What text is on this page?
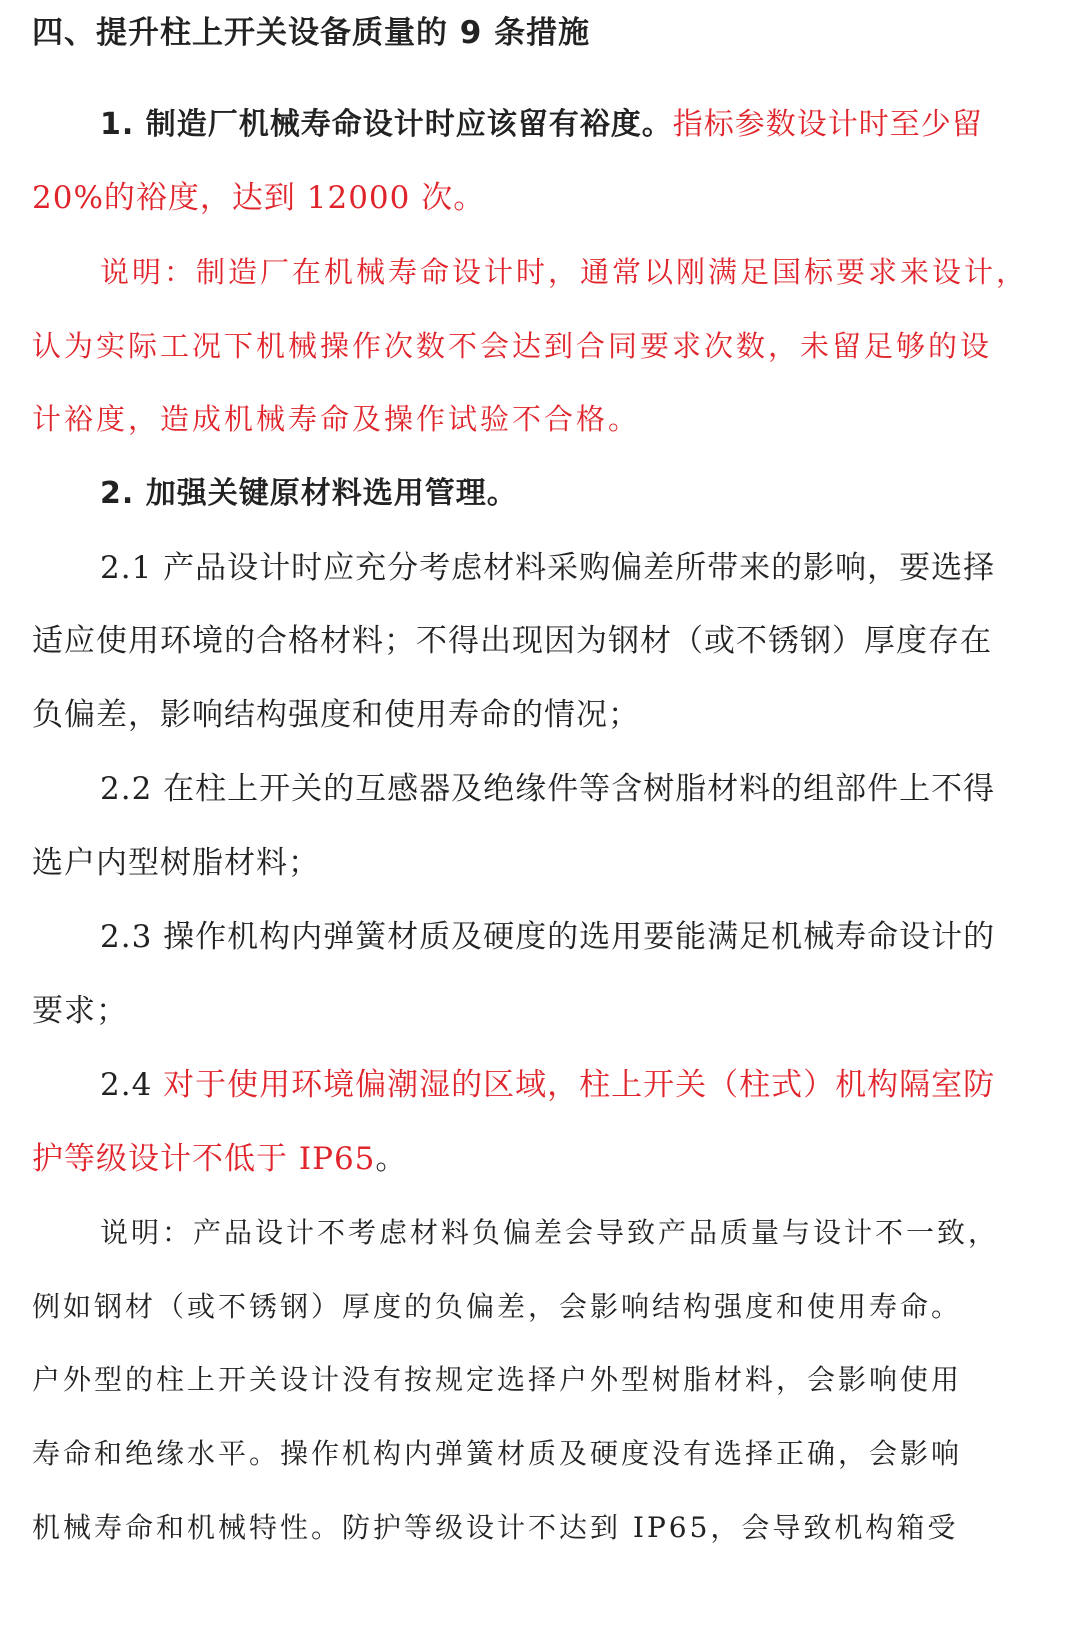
四、提升柱上开关设备质量的 9 条措施
1. 制造厂机械寿命设计时应该留有裕度。指标参数设计时至少留
20%的裕度，达到 12000 次。
说明：制造厂在机械寿命设计时，通常以刚满足国标要求来设计，
认为实际工况下机械操作次数不会达到合同要求次数，未留足够的设
计裕度，造成机械寿命及操作试验不合格。
2. 加强关键原材料选用管理。
2.1 产品设计时应充分考虑材料采购偏差所带来的影响，要选择
适应使用环境的合格材料；不得出现因为钢材（或不锈钢）厚度存在
负偏差，影响结构强度和使用寿命的情况；
2.2 在柱上开关的互感器及绝缘件等含树脂材料的组部件上不得
选户内型树脂材料；
2.3 操作机构内弹簧材质及硬度的选用要能满足机械寿命设计的
要求；
2.4 对于使用环境偏潮湿的区域，柱上开关（柱式）机构隔室防
护等级设计不低于 IP65。
说明：产品设计不考虑材料负偏差会导致产品质量与设计不一致，
例如钢材（或不锈钢）厚度的负偏差，会影响结构强度和使用寿命。
户外型的柱上开关设计没有按规定选择户外型树脂材料，会影响使用
寿命和绝缘水平。操作机构内弹簧材质及硬度没有选择正确，会影响
机械寿命和机械特性。防护等级设计不达到 IP65，会导致机构箱受
